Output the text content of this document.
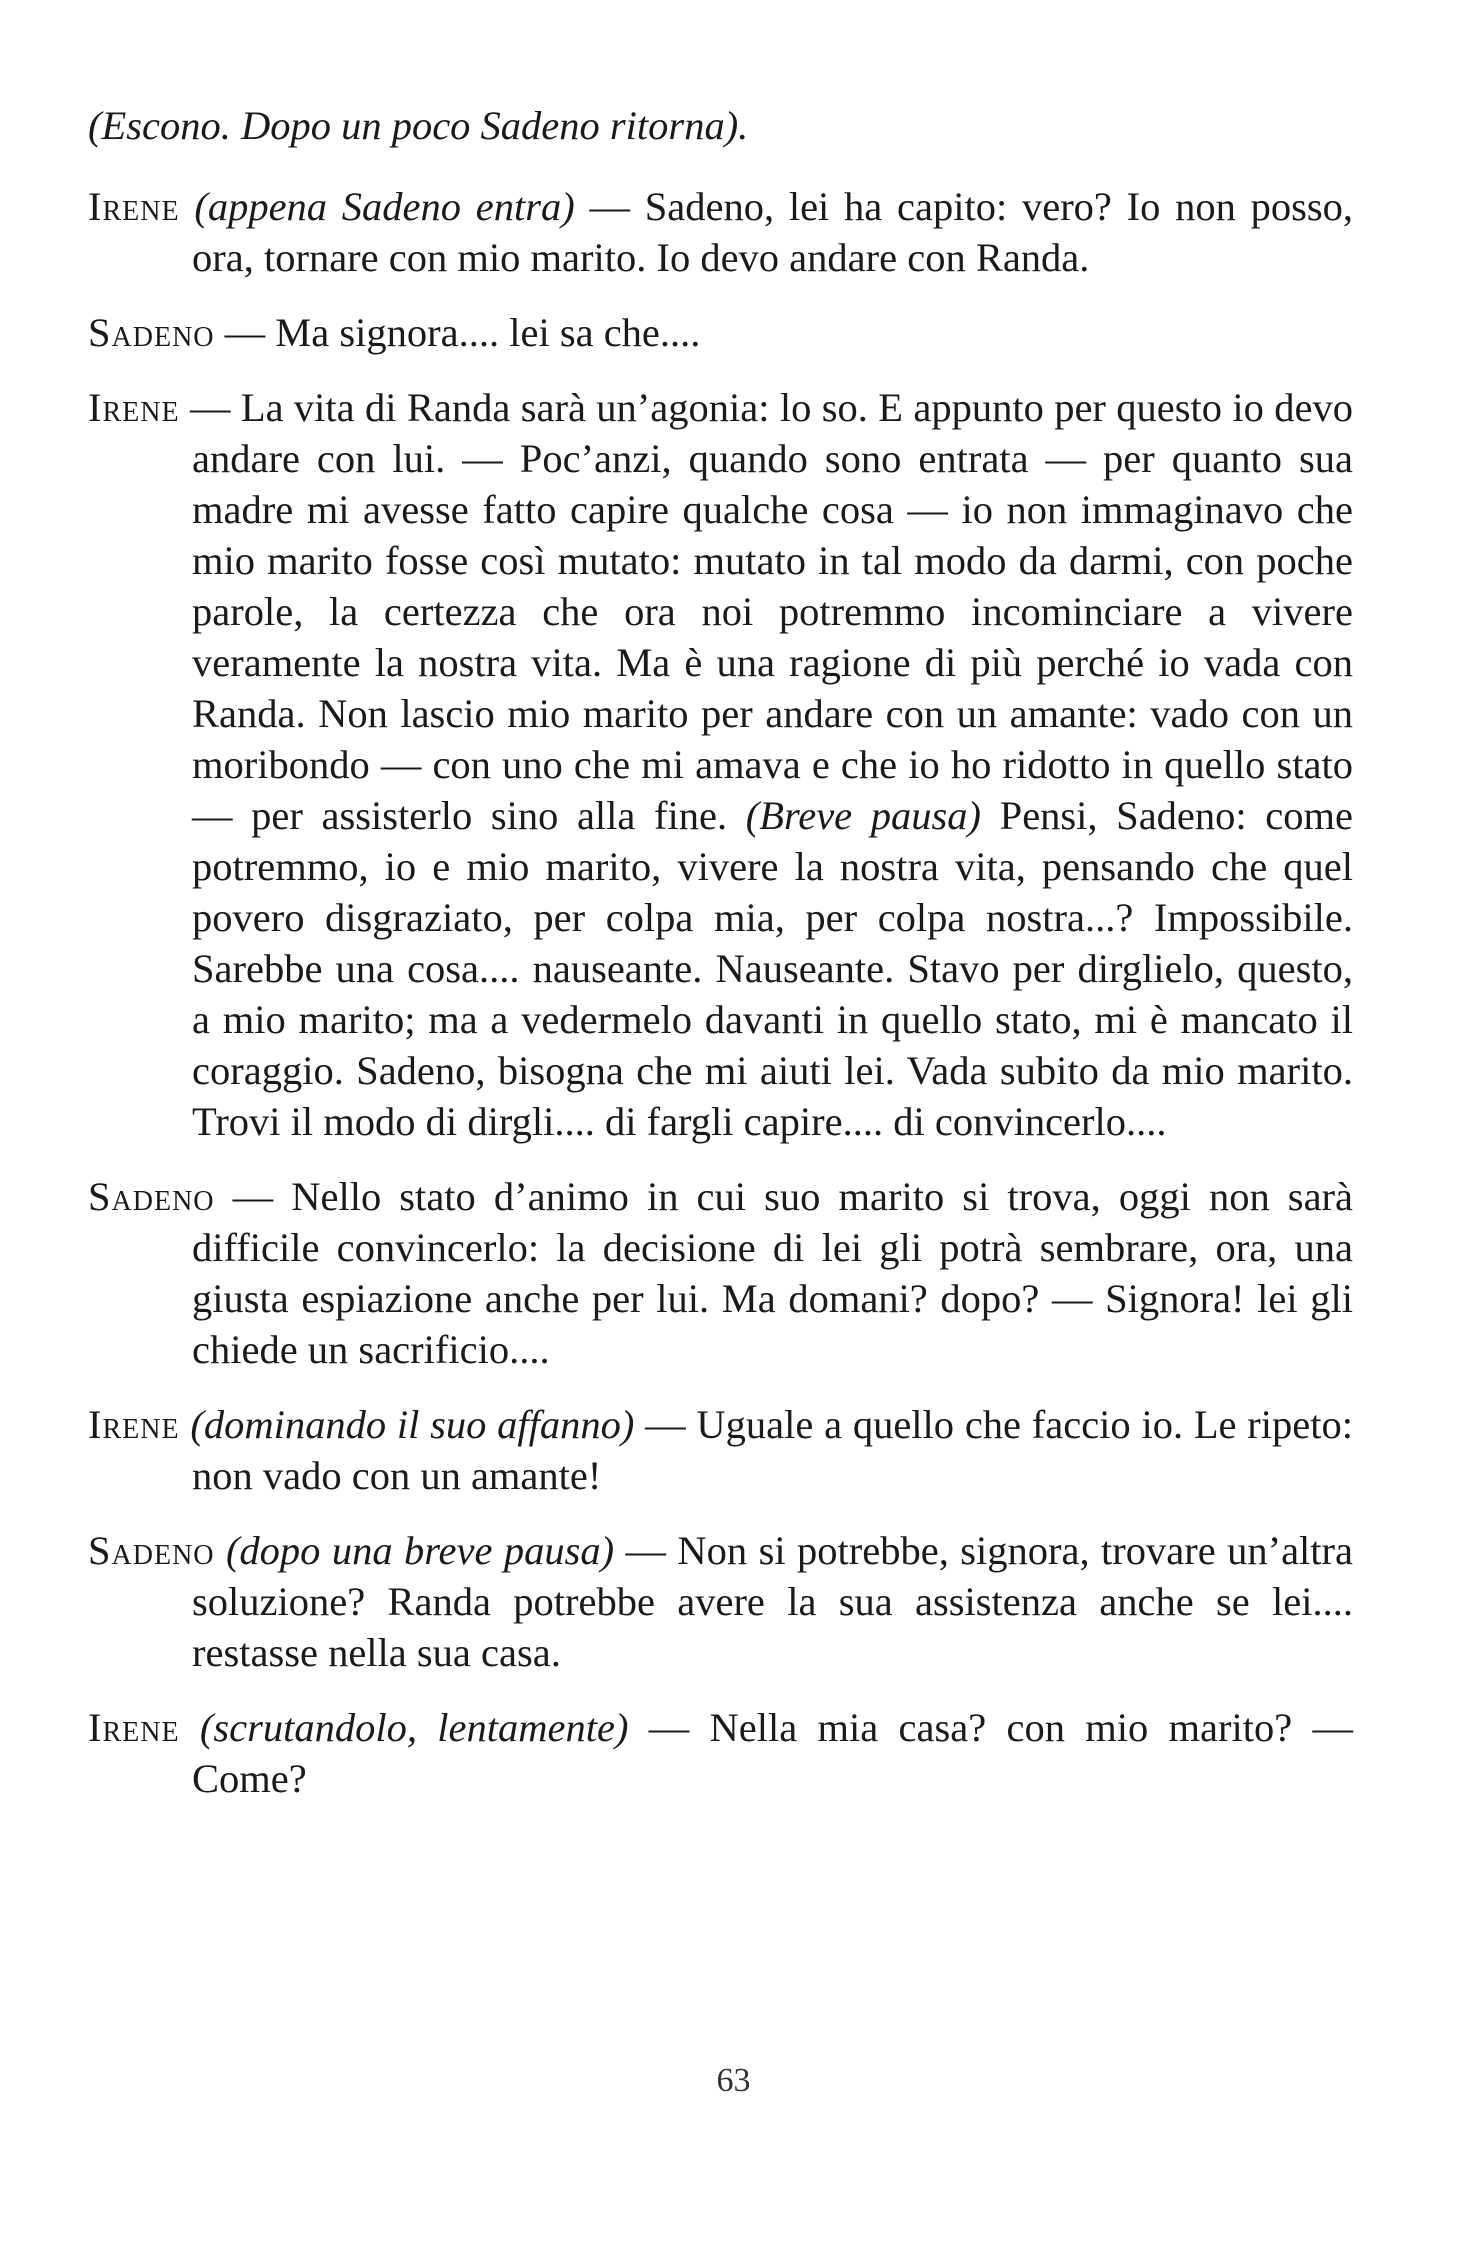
(Escono. Dopo un poco Sadeno ritorna).

Irene (appena Sadeno entra) — Sadeno, lei ha capito: vero? Io non posso, ora, tornare con mio marito. Io devo andare con Randa.

Sadeno — Ma signora.... lei sa che....

Irene — La vita di Randa sarà un’agonia: lo so. E appunto per questo io devo andare con lui. — Poc’anzi, quando sono entrata — per quanto sua madre mi avesse fatto capire qualche cosa — io non immaginavo che mio marito fosse così mutato: mutato in tal modo da darmi, con poche parole, la certezza che ora noi potremmo incominciare a vivere veramente la nostra vita. Ma è una ragione di più perché io vada con Randa. Non lascio mio marito per andare con un amante: vado con un moribondo — con uno che mi amava e che io ho ridotto in quello stato — per assisterlo sino alla fine. (Breve pausa) Pensi, Sadeno: come potremmo, io e mio marito, vivere la nostra vita, pensando che quel povero disgraziato, per colpa mia, per colpa nostra...? Impossibile. Sarebbe una cosa.... nauseante. Nauseante. Stavo per dirglielo, questo, a mio marito; ma a vedermelo davanti in quello stato, mi è mancato il coraggio. Sadeno, bisogna che mi aiuti lei. Vada subito da mio marito. Trovi il modo di dirgli.... di fargli capire.... di convincerlo....

Sadeno — Nello stato d’animo in cui suo marito si trova, oggi non sarà difficile convincerlo: la decisione di lei gli potrà sembrare, ora, una giusta espiazione anche per lui. Ma domani? dopo? — Signora! lei gli chiede un sacrificio....

Irene (dominando il suo affanno) — Uguale a quello che faccio io. Le ripeto: non vado con un amante!

Sadeno (dopo una breve pausa) — Non si potrebbe, signora, trovare un’altra soluzione? Randa potrebbe avere la sua assistenza anche se lei.... restasse nella sua casa.

Irene (scrutandolo, lentamente) — Nella mia casa? con mio marito? — Come?

63
